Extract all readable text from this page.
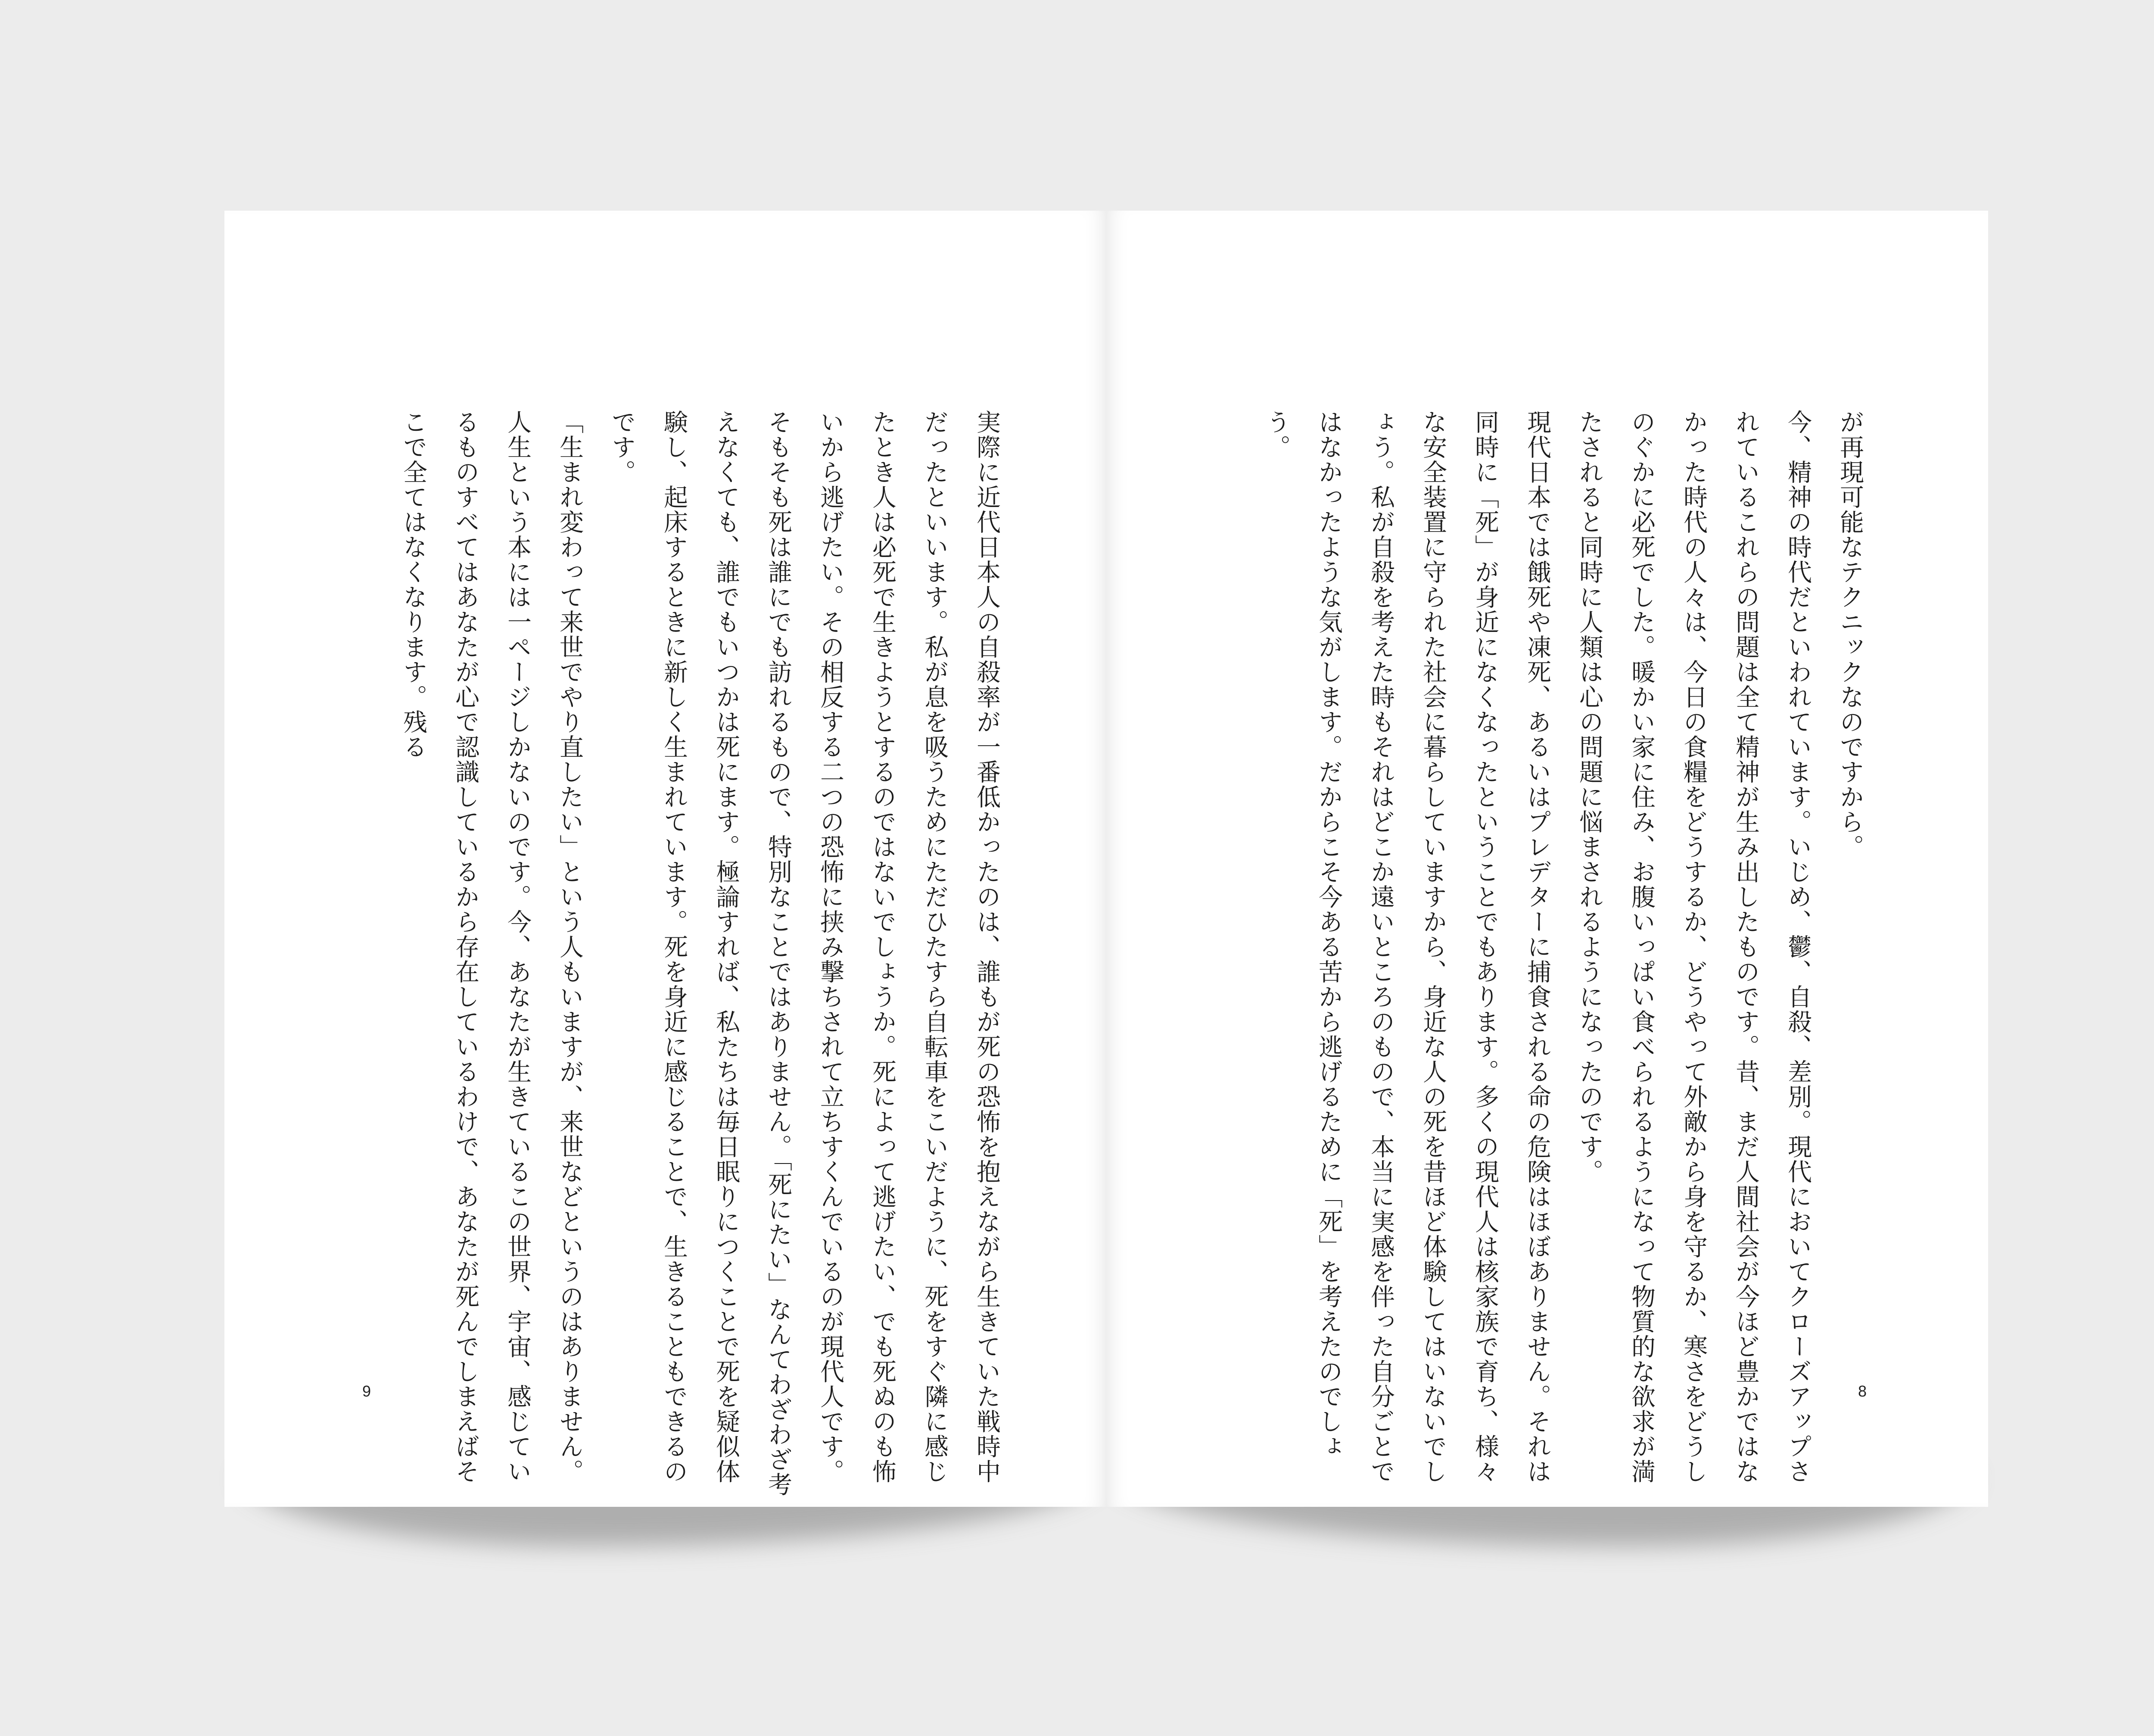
実際に近代日本人の自殺率が一番低かったのは、誰もが死の恐怖を抱えながら生きていた戦時中だったといいます。私が息を吸うためにただひたすら自転車をこいだように、死をすぐ隣に感じたとき人は必死で生きようとするのではないでしょうか。死によって逃げたい、でも死ぬのも怖いから逃げたい。その相反する二つの恐怖に挟み撃ちされて立ちすくんでいるのが現代人です。

そもそも死は誰にでも訪れるもので、特別なことではありません。「死にたい」なんてわざわざ考えなくても、誰でもいつかは死にます。極論すれば、私たちは毎日眠りにつくことで死を疑似体験し、起床するときに新しく生まれています。死を身近に感じることで、生きることもできるのです。

「生まれ変わって来世でやり直したい」という人もいますが、来世などというのはありません。人生という本には一ページしかないのです。今、あなたが生きているこの世界、宇宙、感じているものすべてはあなたが心で認識しているから存在しているわけで、あなたが死んでしまえばそこで全てはなくなります。残る

9

が再現可能なテクニックなのですから。

今、精神の時代だといわれています。いじめ、鬱、自殺、差別。現代においてクローズアップされているこれらの問題は全て精神が生み出したものです。昔、まだ人間社会が今ほど豊かではなかった時代の人々は、今日の食糧をどうするか、どうやって外敵から身を守るか、寒さをどうしのぐかに必死でした。暖かい家に住み、お腹いっぱい食べられるようになって物質的な欲求が満たされると同時に人類は心の問題に悩まされるようになったのです。

現代日本では餓死や凍死、あるいはプレデターに捕食される命の危険はほぼありません。それは同時に「死」が身近になくなったということでもあります。多くの現代人は核家族で育ち、様々な安全装置に守られた社会に暮らしていますから、身近な人の死を昔ほど体験してはいないでしょう。私が自殺を考えた時もそれはどこか遠いところのもので、本当に実感を伴った自分ごとではなかったような気がします。だからこそ今ある苦から逃げるために「死」を考えたのでしょう。

8
